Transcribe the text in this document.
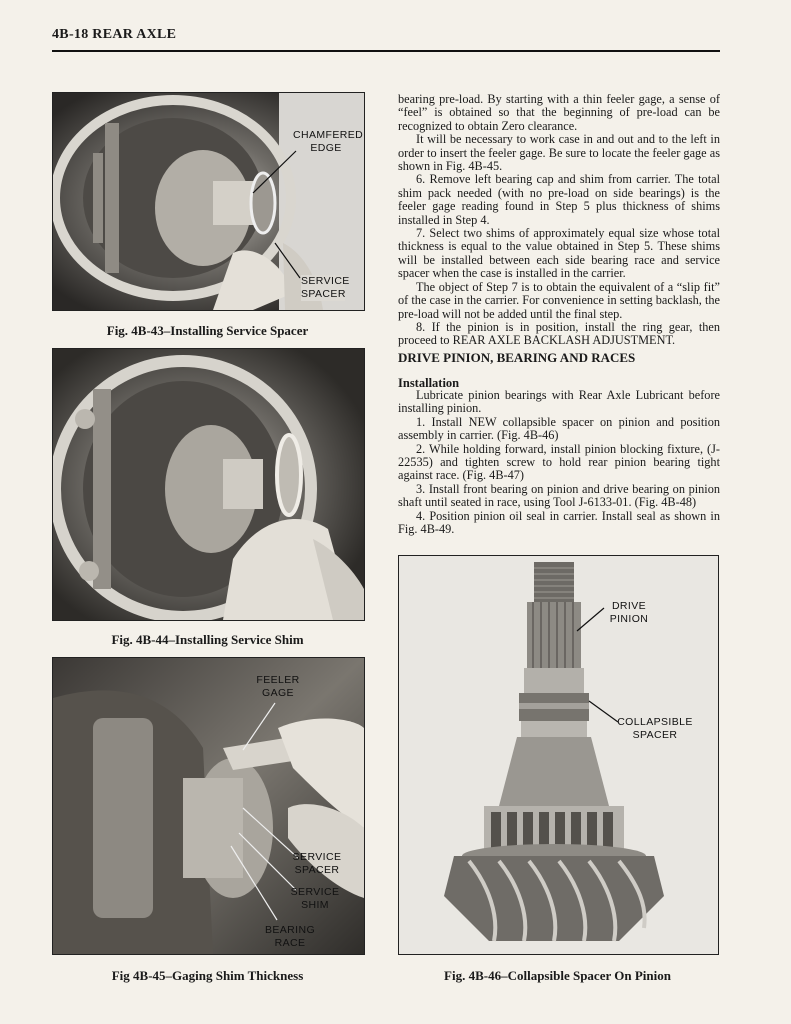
4B-18 REAR AXLE
CHAMFERED
EDGE
SERVICE
SPACER
Fig. 4B-43–Installing Service Spacer
Fig. 4B-44–Installing Service Shim
FEELER
GAGE
SERVICE
SPACER
SERVICE
SHIM
BEARING
RACE
Fig 4B-45–Gaging Shim Thickness

bearing pre-load. By starting with a thin feeler gage, a sense of “feel” is obtained so that the beginning of pre-load can be recognized to obtain Zero clearance.

It will be necessary to work case in and out and to the left in order to insert the feeler gage. Be sure to locate the feeler gage as shown in Fig. 4B-45.

6. Remove left bearing cap and shim from carrier. The total shim pack needed (with no pre-load on side bearings) is the feeler gage reading found in Step 5 plus thickness of shims installed in Step 4.

7. Select two shims of approximately equal size whose total thickness is equal to the value obtained in Step 5. These shims will be installed between each side bearing race and service spacer when the case is installed in the carrier.

The object of Step 7 is to obtain the equivalent of a “slip fit” of the case in the carrier. For convenience in setting backlash, the pre-load will not be added until the final step.

8. If the pinion is in position, install the ring gear, then proceed to REAR AXLE BACKLASH ADJUSTMENT.

DRIVE PINION, BEARING AND RACES
Installation

Lubricate pinion bearings with Rear Axle Lubricant before installing pinion.

1. Install NEW collapsible spacer on pinion and position assembly in carrier. (Fig. 4B-46)

2. While holding forward, install pinion blocking fixture, (J-22535) and tighten screw to hold rear pinion bearing tight against race. (Fig. 4B-47)

3. Install front bearing on pinion and drive bearing on pinion shaft until seated in race, using Tool J-6133-01. (Fig. 4B-48)

4. Position pinion oil seal in carrier. Install seal as shown in Fig. 4B-49.

DRIVE
PINION
COLLAPSIBLE
SPACER
Fig. 4B-46–Collapsible Spacer On Pinion
